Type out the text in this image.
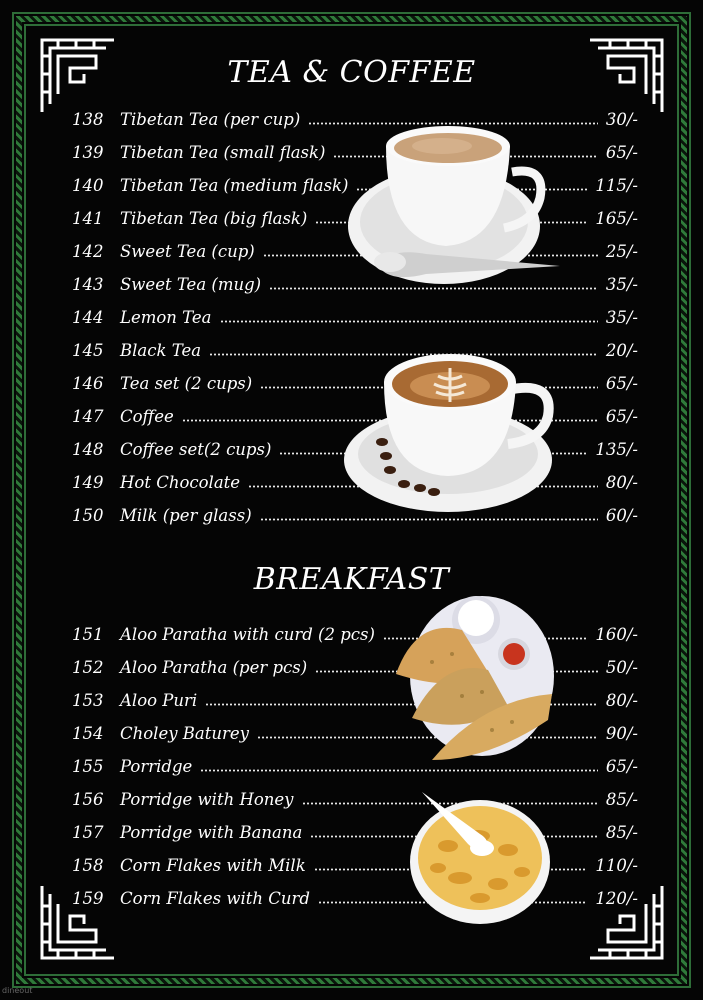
TEA & COFFEE
BREAKFAST
138	Tibetan Tea (per cup)	30/-
139	Tibetan Tea (small flask)	65/-
140	Tibetan Tea (medium flask)	115/-
141	Tibetan Tea (big flask)	165/-
142	Sweet Tea (cup)	25/-
143	Sweet Tea (mug)	35/-
144	Lemon Tea	35/-
145	Black Tea	20/-
146	Tea set (2 cups)	65/-
147	Coffee	65/-
148	Coffee set(2 cups)	135/-
149	Hot Chocolate	80/-
150	Milk (per glass)	60/-
151	Aloo Paratha with curd (2 pcs)	160/-
152	Aloo Paratha (per pcs)	50/-
153	Aloo Puri	80/-
154	Choley Baturey	90/-
155	Porridge	65/-
156	Porridge with Honey	85/-
157	Porridge with Banana	85/-
158	Corn Flakes with Milk	110/-
159	Corn Flakes with Curd	120/-
dineout
